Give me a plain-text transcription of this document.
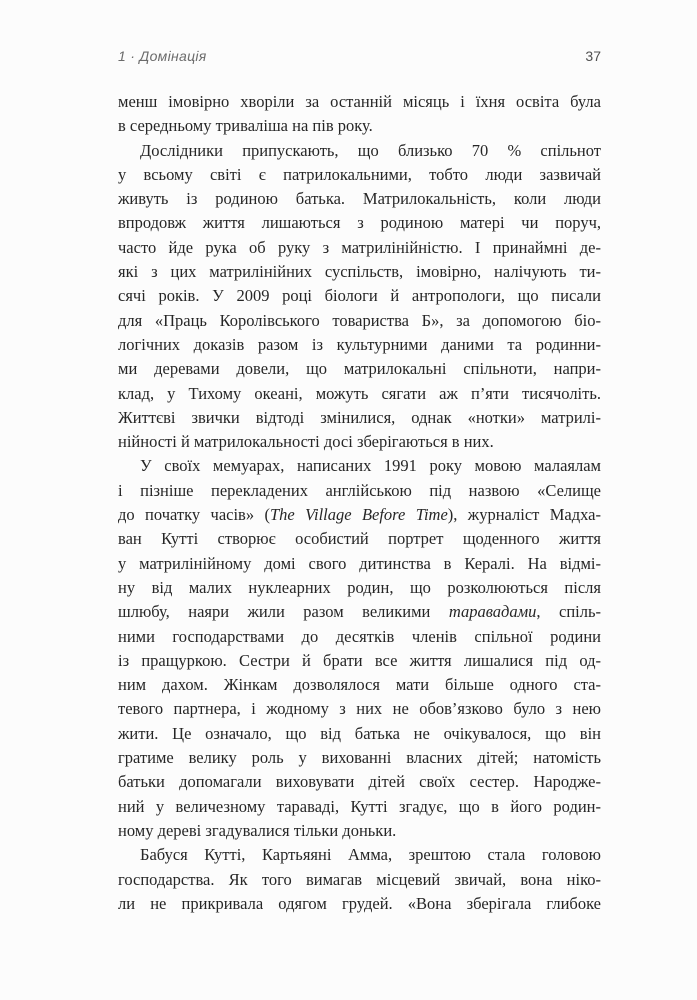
1 · Домінація	37
менш імовірно хворіли за останній місяць і їхня освіта була
в середньому триваліша на пів року.
Дослідники припускають, що близько 70 % спільнот
у всьому світі є патрилокальними, тобто люди зазвичай
живуть із родиною батька. Матрилокальність, коли люди
впродовж життя лишаються з родиною матері чи поруч,
часто йде рука об руку з матрилінійністю. І принаймні де-
які з цих матрилінійних суспільств, імовірно, налічують ти-
сячі років. У 2009 році біологи й антропологи, що писали
для «Праць Королівського товариства Б», за допомогою біо-
логічних доказів разом із культурними даними та родинни-
ми деревами довели, що матрилокальні спільноти, напри-
клад, у Тихому океані, можуть сягати аж п’яти тисячоліть.
Життєві звички відтоді змінилися, однак «нотки» матрилі-
нійності й матрилокальності досі зберігаються в них.
У своїх мемуарах, написаних 1991 року мовою малаялам
і пізніше перекладених англійською під назвою «Селище
до початку часів» (The Village Before Time), журналіст Мадха-
ван Кутті створює особистий портрет щоденного життя
у матрилінійному домі свого дитинства в Кералі. На відмі-
ну від малих нуклеарних родин, що розколюються після
шлюбу, наяри жили разом великими таравадами, спіль-
ними господарствами до десятків членів спільної родини
із пращуркою. Сестри й брати все життя лишалися під од-
ним дахом. Жінкам дозволялося мати більше одного ста-
тевого партнера, і жодному з них не обов’язково було з нею
жити. Це означало, що від батька не очікувалося, що він
гратиме велику роль у вихованні власних дітей; натомість
батьки допомагали виховувати дітей своїх сестер. Народже-
ний у величезному тараваді, Кутті згадує, що в його родин-
ному дереві згадувалися тільки доньки.
Бабуся Кутті, Картьяяні Амма, зрештою стала головою
господарства. Як того вимагав місцевий звичай, вона ніко-
ли не прикривала одягом грудей. «Вона зберігала глибоке
